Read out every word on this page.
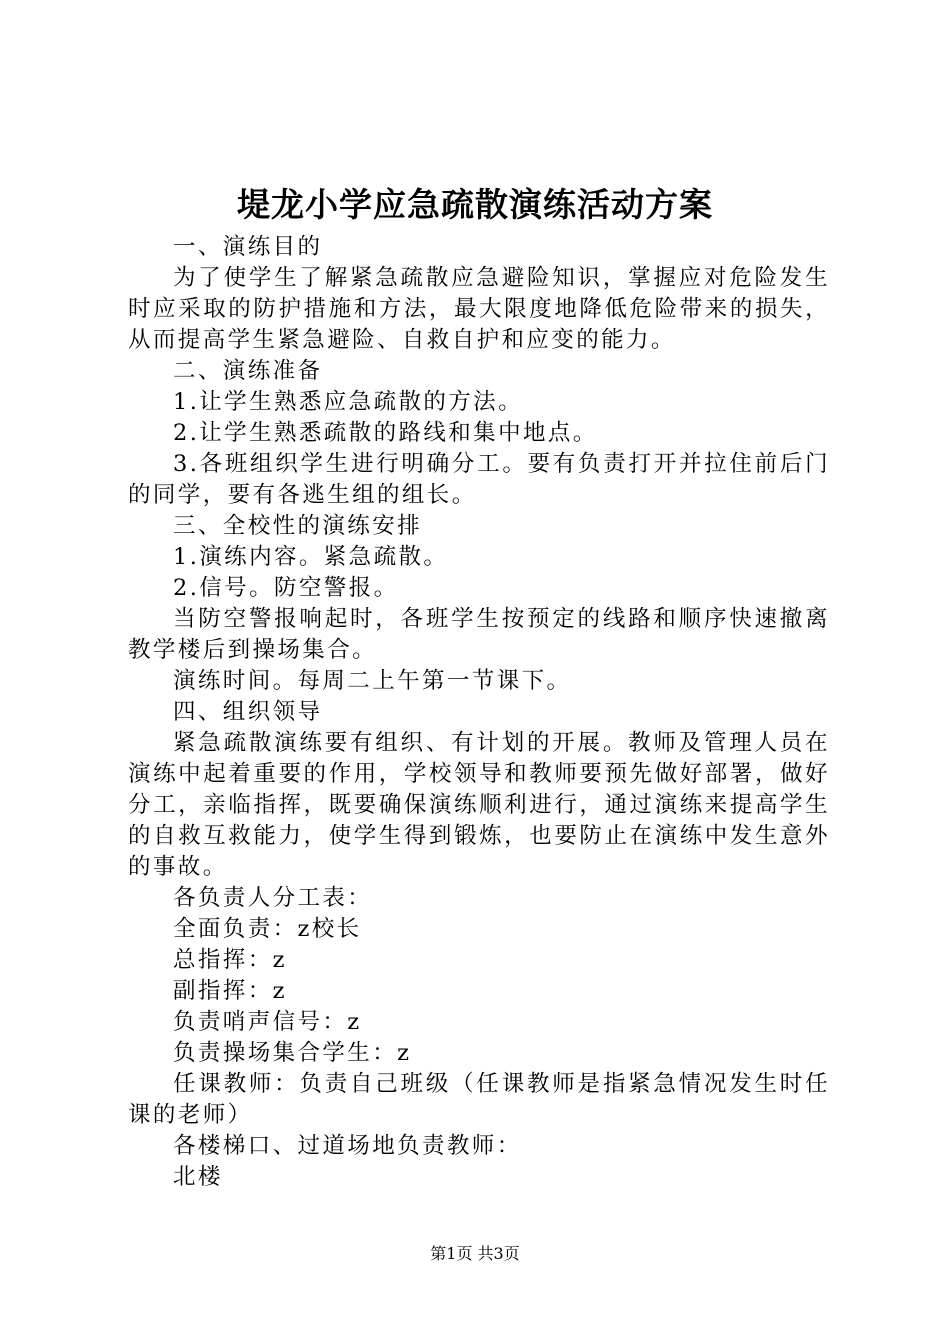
堤龙小学应急疏散演练活动方案

一、演练目的

为了使学生了解紧急疏散应急避险知识，掌握应对危险发生时应采取的防护措施和方法，最大限度地降低危险带来的损失，从而提高学生紧急避险、自救自护和应变的能力。

二、演练准备

1.让学生熟悉应急疏散的方法。

2.让学生熟悉疏散的路线和集中地点。

3.各班组织学生进行明确分工。要有负责打开并拉住前后门的同学，要有各逃生组的组长。

三、全校性的演练安排

1.演练内容。紧急疏散。

2.信号。防空警报。

当防空警报响起时，各班学生按预定的线路和顺序快速撤离教学楼后到操场集合。

演练时间。每周二上午第一节课下。

四、组织领导

紧急疏散演练要有组织、有计划的开展。教师及管理人员在演练中起着重要的作用，学校领导和教师要预先做好部署，做好分工，亲临指挥，既要确保演练顺利进行，通过演练来提高学生的自救互救能力，使学生得到锻炼，也要防止在演练中发生意外的事故。

各负责人分工表：

全面负责：z校长

总指挥：z

副指挥：z

负责哨声信号：z

负责操场集合学生：z

任课教师：负责自己班级（任课教师是指紧急情况发生时任课的老师）

各楼梯口、过道场地负责教师：

北楼

第1页 共3页
